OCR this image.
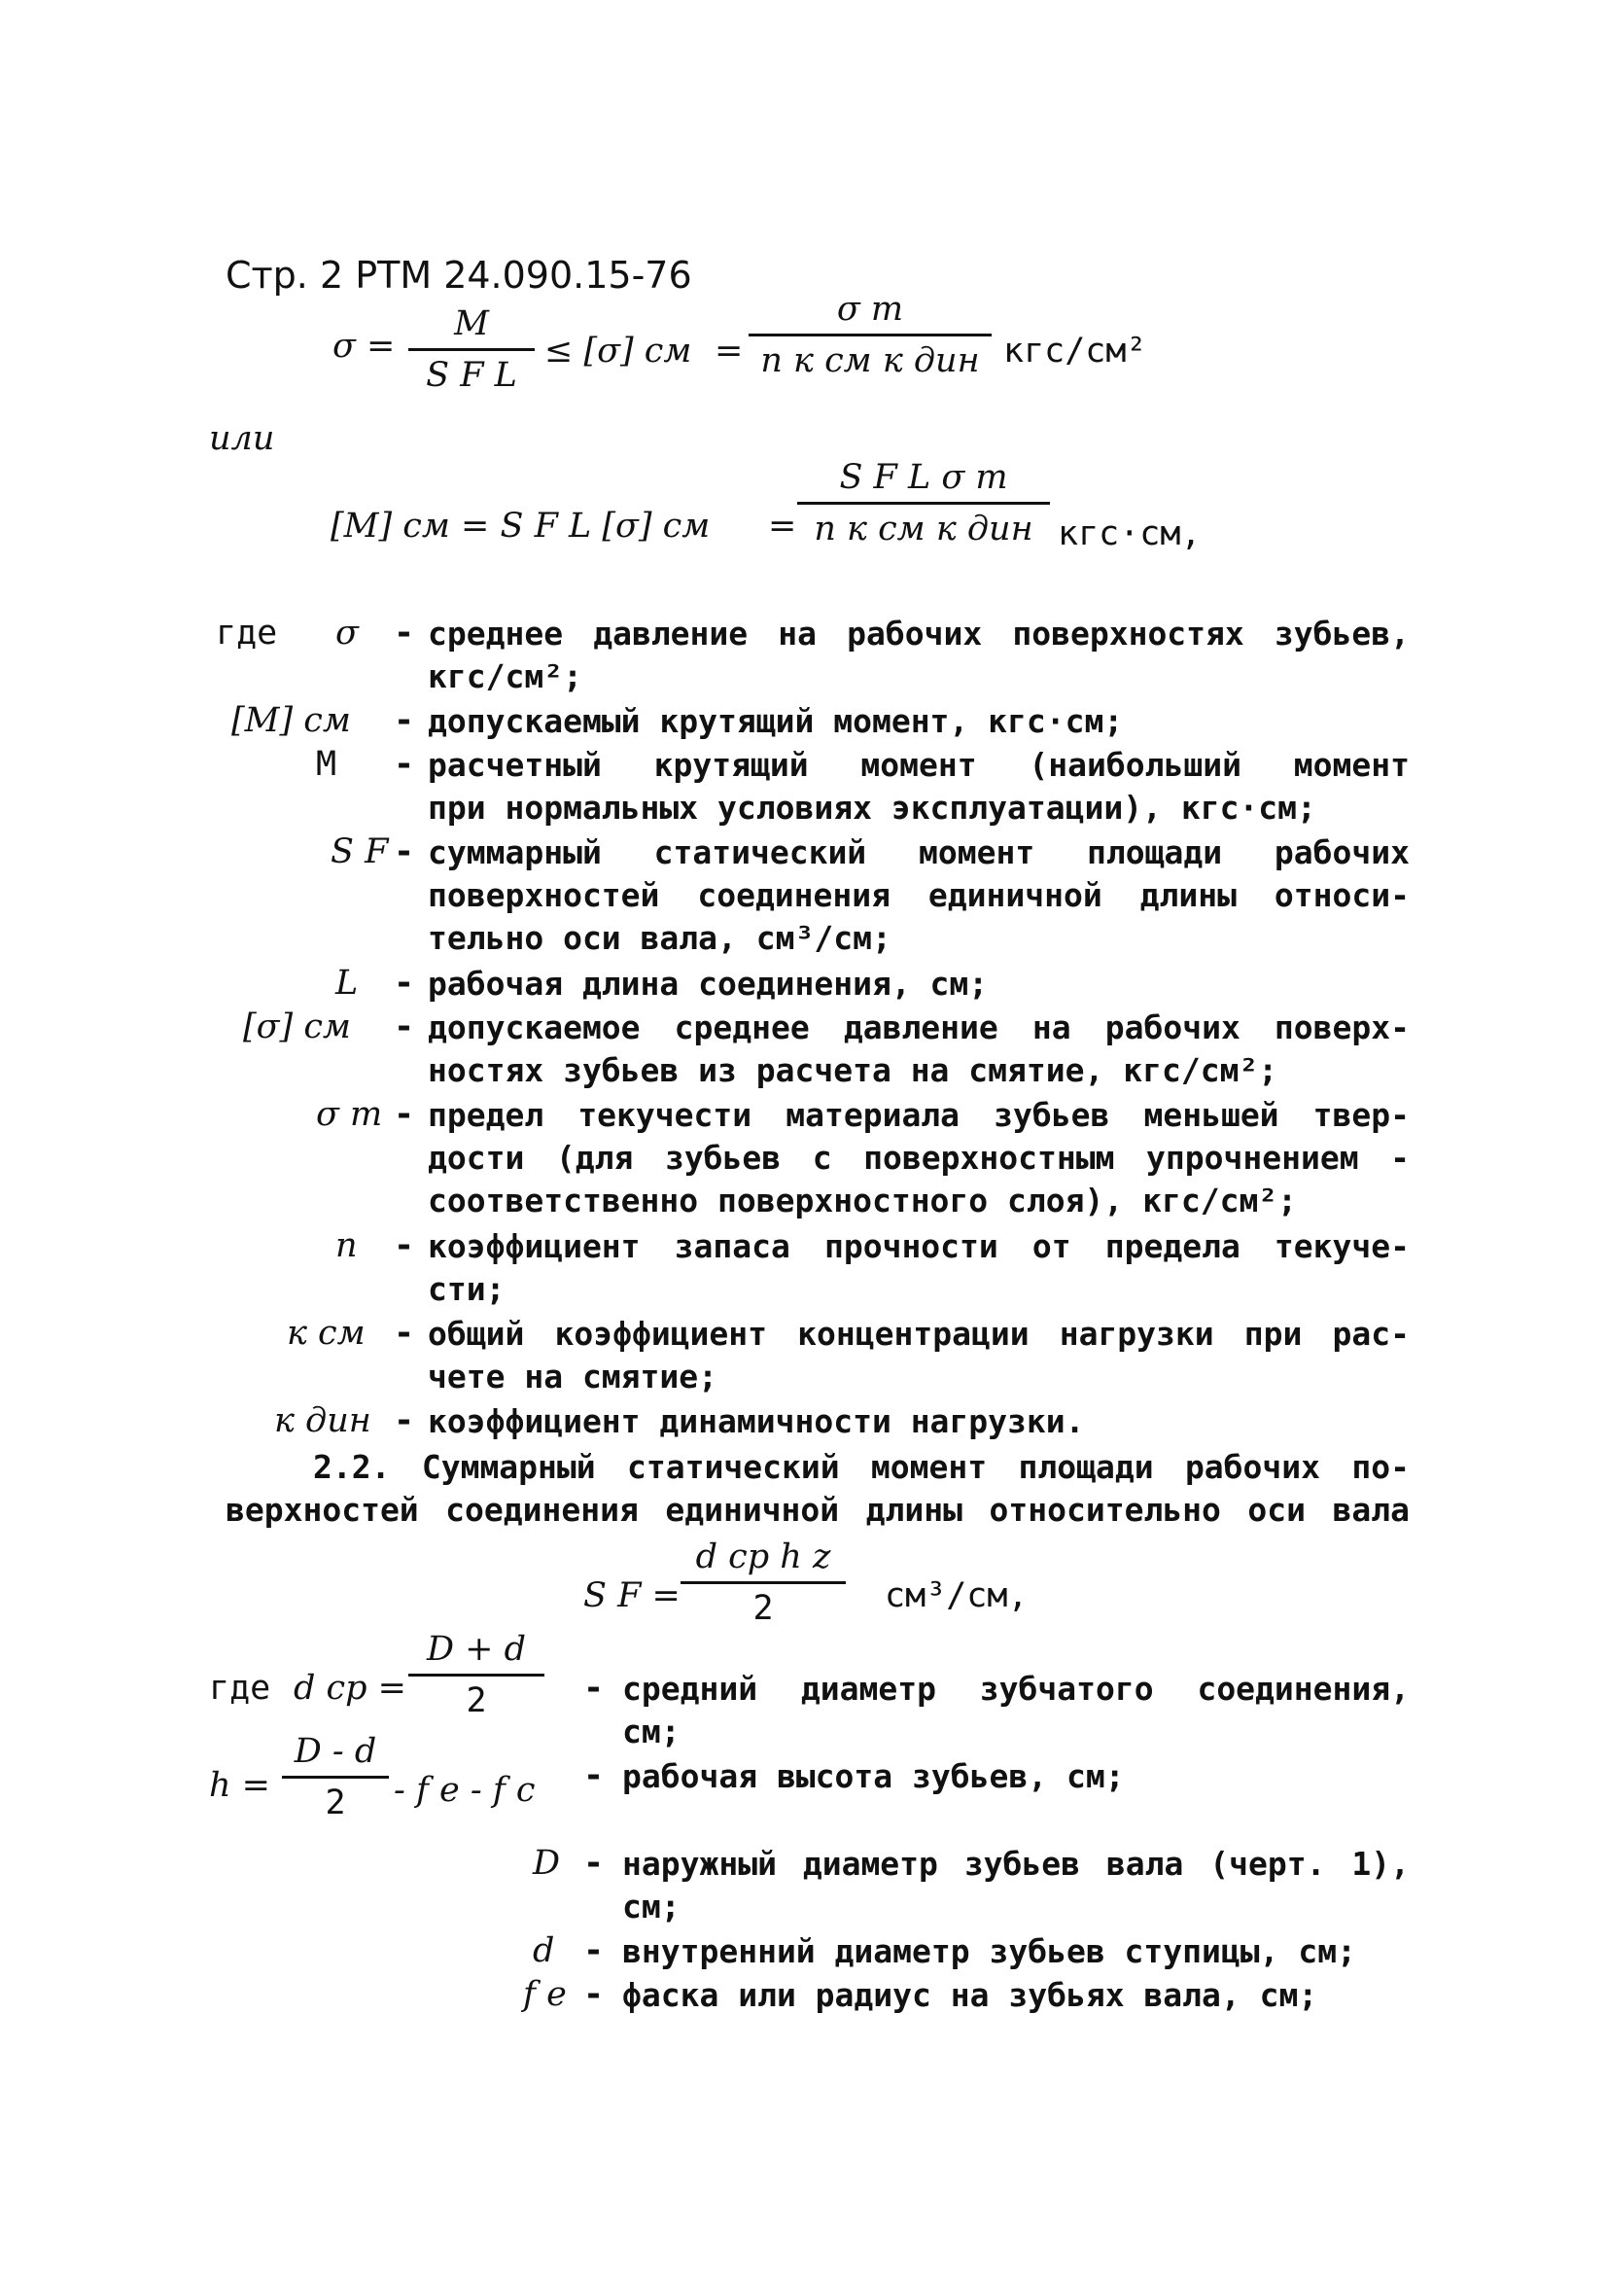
Стр. 2 РТМ 24.090.15-76
σ =
M
S F L
≤ [σ] см =
σ т
n к см к дин кгс/см²
или
[M] см = S F L [σ] см =
S F L σ т
n к см к дин кгс·см,
где σ - среднее давление на рабочих поверхностях зубьев,
кгс/см²;
[M] см - допускаемый крутящий момент, кгс·см;
M - расчетный крутящий момент (наибольший момент
при нормальных условиях эксплуатации), кгс·см;
S F - суммарный статический момент площади рабочих
поверхностей соединения единичной длины относи-
тельно оси вала, см³/см;
L - рабочая длина соединения, см;
[σ] см - допускаемое среднее давление на рабочих поверх-
ностях зубьев из расчета на смятие, кгс/см²;
σ т - предел текучести материала зубьев меньшей твер-
дости (для зубьев с поверхностным упрочнением -
соответственно поверхностного слоя), кгс/см²;
n - коэффициент запаса прочности от предела текуче-
сти;
к см - общий коэффициент концентрации нагрузки при рас-
чете на смятие;
к дин - коэффициент динамичности нагрузки.
2.2. Суммарный статический момент площади рабочих по-
верхностей соединения единичной длины относительно оси вала
S F =
d ср h z
2	см³/см,
где d ср =
D + d
2	- средний диаметр зубчатого соединения,
см;
h =
D - d
2 - f e - f c - рабочая высота зубьев, см;
D - наружный диаметр зубьев вала (черт. 1),
см;
d - внутренний диаметр зубьев ступицы, см;
f e - фаска или радиус на зубьях вала, см;
